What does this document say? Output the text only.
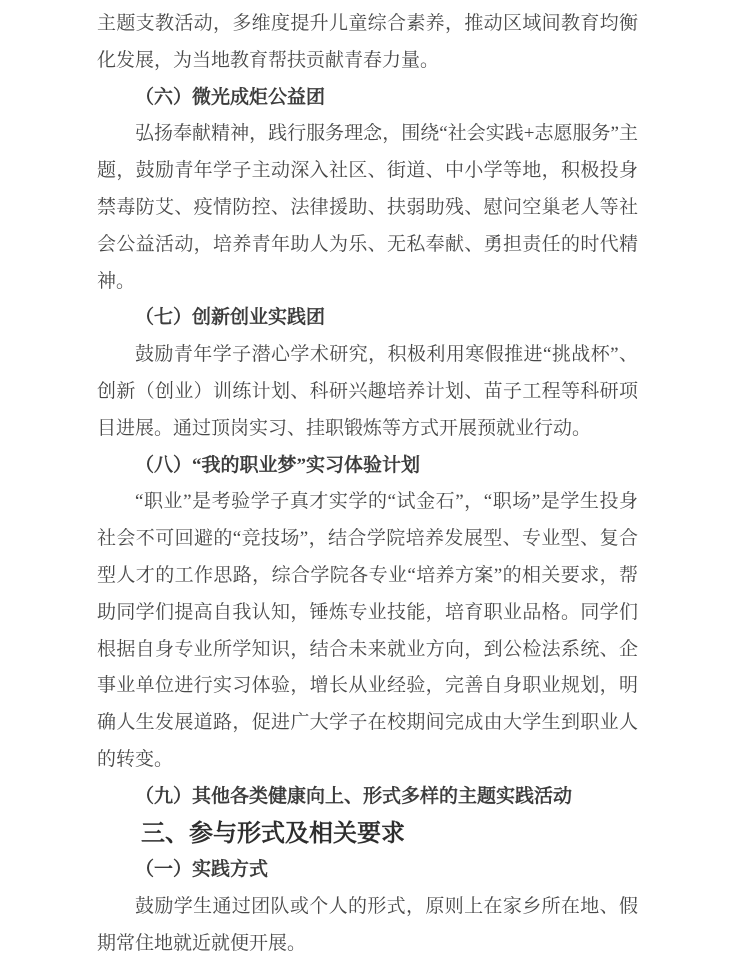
主题支教活动，多维度提升儿童综合素养，推动区域间教育均衡化发展，为当地教育帮扶贡献青春力量。

（六）微光成炬公益团

弘扬奉献精神，践行服务理念，围绕“社会实践+志愿服务”主题，鼓励青年学子主动深入社区、街道、中小学等地，积极投身禁毒防艾、疫情防控、法律援助、扶弱助残、慰问空巢老人等社会公益活动，培养青年助人为乐、无私奉献、勇担责任的时代精神。

（七）创新创业实践团

鼓励青年学子潜心学术研究，积极利用寒假推进“挑战杯”、创新（创业）训练计划、科研兴趣培养计划、苗子工程等科研项目进展。通过顶岗实习、挂职锻炼等方式开展预就业行动。

（八）“我的职业梦”实习体验计划

“职业”是考验学子真才实学的“试金石”，“职场”是学生投身社会不可回避的“竞技场”，结合学院培养发展型、专业型、复合型人才的工作思路，综合学院各专业“培养方案”的相关要求，帮助同学们提高自我认知，锤炼专业技能，培育职业品格。同学们根据自身专业所学知识，结合未来就业方向，到公检法系统、企事业单位进行实习体验，增长从业经验，完善自身职业规划，明确人生发展道路，促进广大学子在校期间完成由大学生到职业人的转变。

（九）其他各类健康向上、形式多样的主题实践活动

三、参与形式及相关要求

（一）实践方式

鼓励学生通过团队或个人的形式，原则上在家乡所在地、假期常住地就近就便开展。
